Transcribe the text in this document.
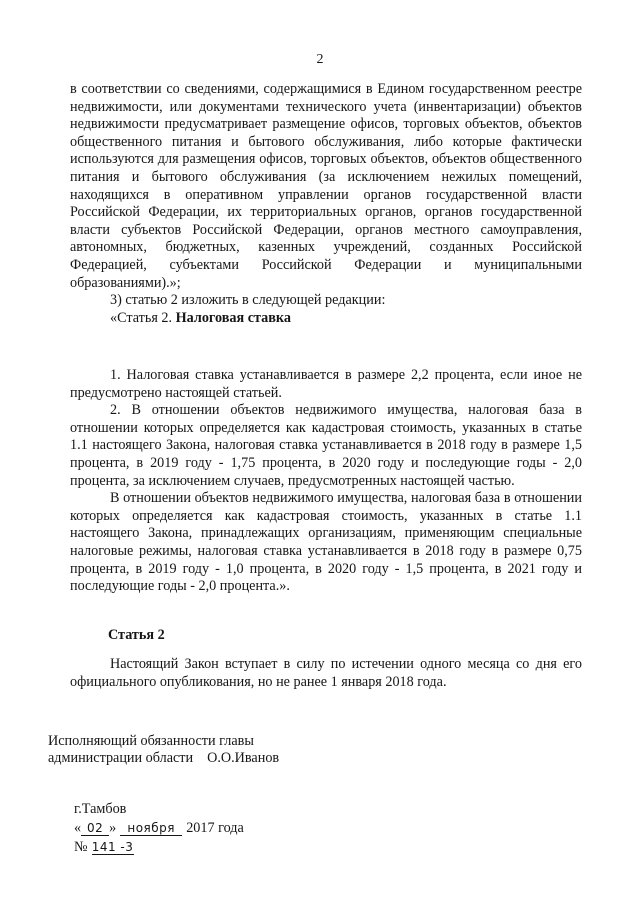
2

в соответствии со сведениями, содержащимися в Едином государственном реестре недвижимости, или документами технического учета (инвентаризации) объектов недвижимости предусматривает размещение офисов, торговых объектов, объектов общественного питания и бытового обслуживания, либо которые фактически используются для размещения офисов, торговых объектов, объектов общественного питания и бытового обслуживания (за исключением нежилых помещений, находящихся в оперативном управлении органов государственной власти Российской Федерации, их территориальных органов, органов государственной власти субъектов Российской Федерации, органов местного самоуправления, автономных, бюджетных, казенных учреждений, созданных Российской Федерацией, субъектами Российской Федерации и муниципальными образованиями).»;

3) статью 2 изложить в следующей редакции:

«Статья 2. Налоговая ставка

1. Налоговая ставка устанавливается в размере 2,2 процента, если иное не предусмотрено настоящей статьей.

2. В отношении объектов недвижимого имущества, налоговая база в отношении которых определяется как кадастровая стоимость, указанных в статье 1.1 настоящего Закона, налоговая ставка устанавливается в 2018 году в размере 1,5 процента, в 2019 году - 1,75 процента, в 2020 году и последующие годы - 2,0 процента, за исключением случаев, предусмотренных настоящей частью.

В отношении объектов недвижимого имущества, налоговая база в отношении которых определяется как кадастровая стоимость, указанных в статье 1.1 настоящего Закона, принадлежащих организациям, применяющим специальные налоговые режимы, налоговая ставка устанавливается в 2018 году в размере 0,75 процента, в 2019 году - 1,0 процента, в 2020 году - 1,5 процента, в 2021 году и последующие годы - 2,0 процента.».

Статья 2

Настоящий Закон вступает в силу по истечении одного месяца со дня его официального опубликования, но не ранее 1 января 2018 года.

Исполняющий обязанности главы
администрации области О.О.Иванов
г.Тамбов
« 02 » ноября 2017 года
№ 141 -3
